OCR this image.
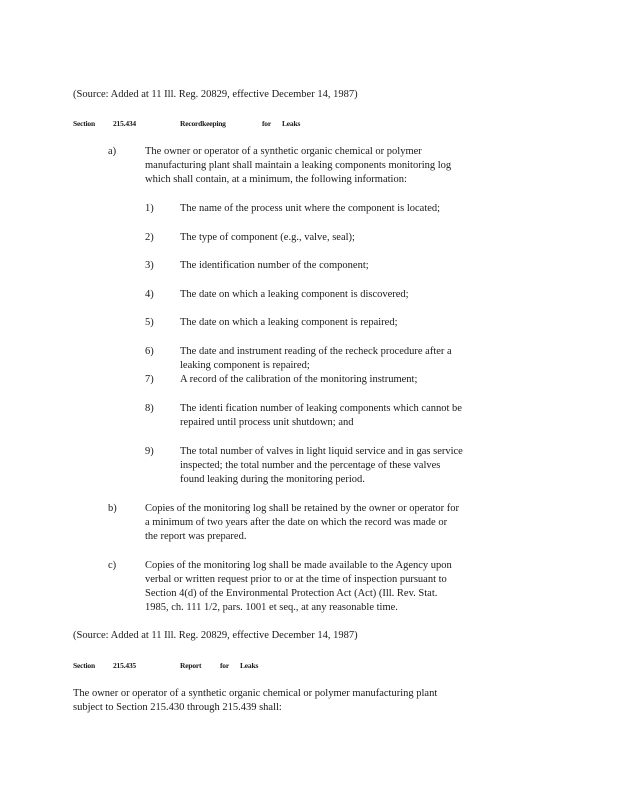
(Source: Added at 11 Ill. Reg. 20829, effective December 14, 1987)
Section 215.434	Recordkeeping	for Leaks
a)	The owner or operator of a synthetic organic chemical or polymer
manufacturing plant shall maintain a leaking components monitoring log
which shall contain, at a minimum, the following information:
1)	The name of the process unit where the component is located;
2)	The type of component (e.g., valve, seal);
3)	The identification number of the component;
4)	The date on which a leaking component is discovered;
5)	The date on which a leaking component is repaired;
6)	The date and instrument reading of the recheck procedure after a
leaking component is repaired;
7)	A record of the calibration of the monitoring instrument;
8)	The identi fication number of leaking components which cannot be
repaired until process unit shutdown; and
9)	The total number of valves in light liquid service and in gas service
inspected; the total number and the percentage of these valves
found leaking during the monitoring period.
b)	Copies of the monitoring log shall be retained by the owner or operator for
a minimum of two years after the date on which the record was made or
the report was prepared.
c)	Copies of the monitoring log shall be made available to the Agency upon
verbal or written request prior to or at the time of inspection pursuant to
Section 4(d) of the Environmental Protection Act (Act) (Ill. Rev. Stat.
1985, ch. 111 1/2, pars. 1001 et seq., at any reasonable time.
(Source: Added at 11 Ill. Reg. 20829, effective December 14, 1987)
Section 215.435	Report for Leaks
The owner or operator of a synthetic organic chemical or polymer manufacturing plant
subject to Section 215.430 through 215.439 shall:
